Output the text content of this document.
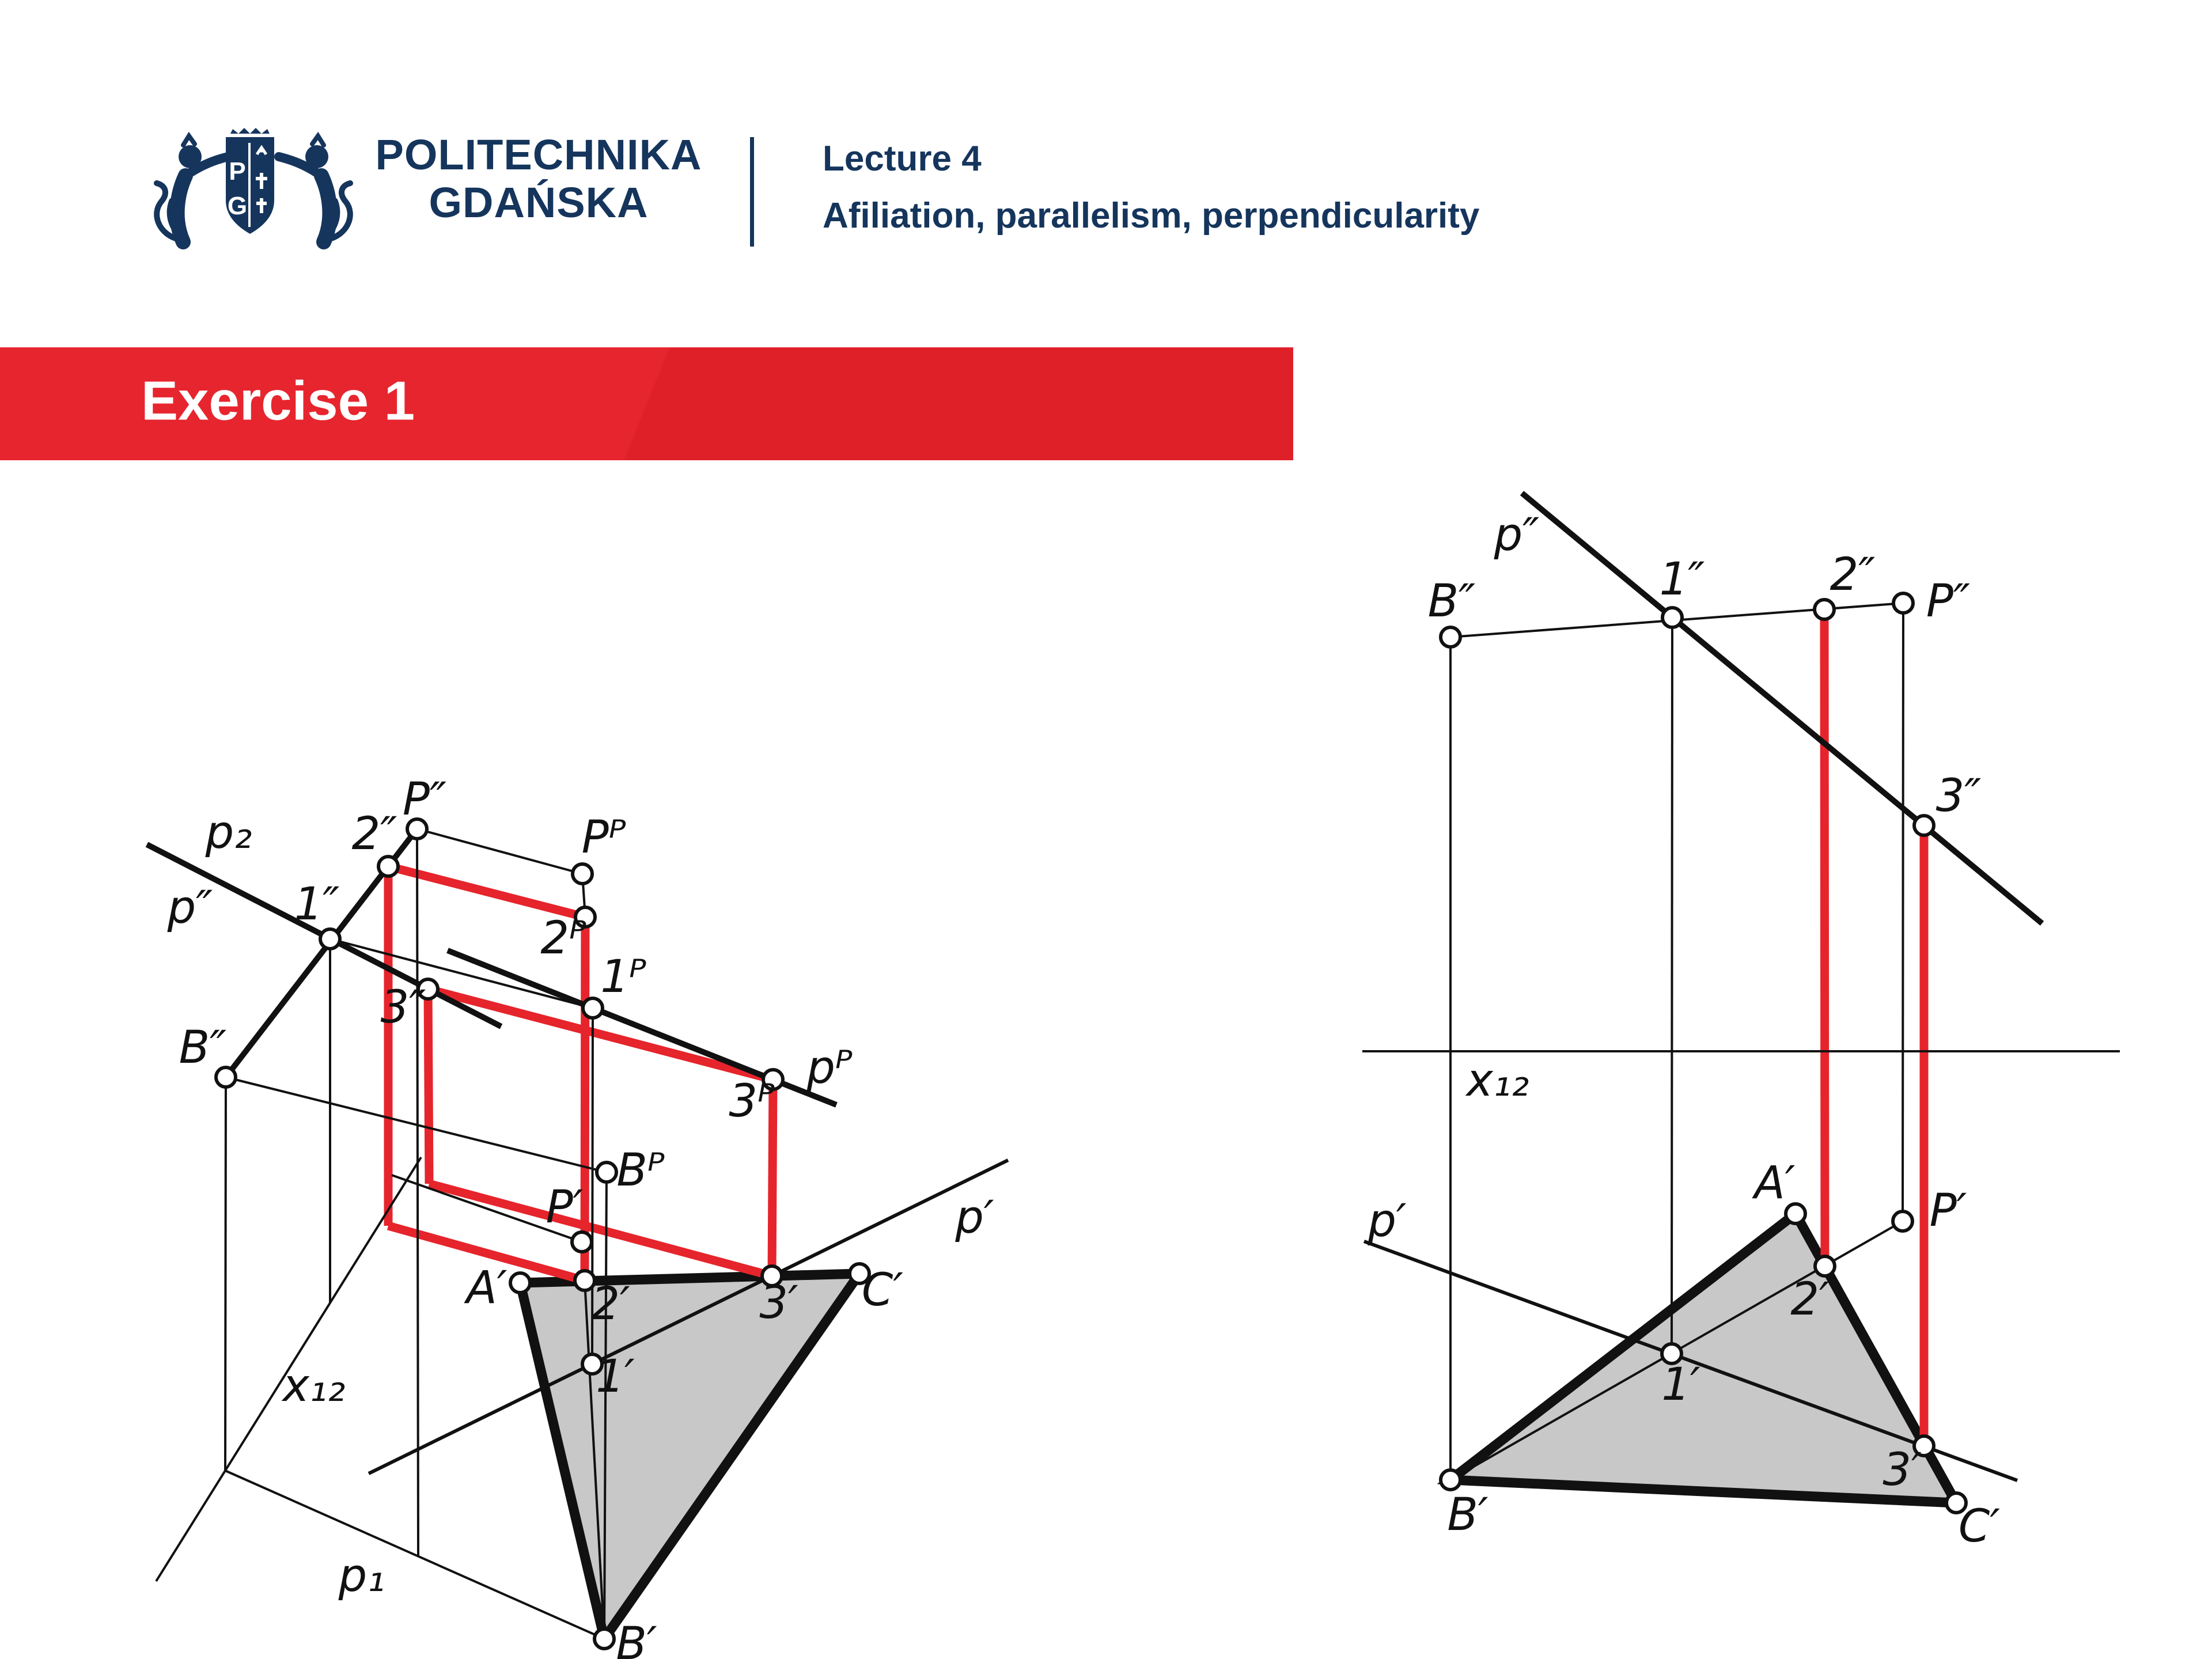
P
G
POLITECHNIKA
GDAŃSKA
Lecture 4
Afiliation, parallelism, perpendicularity
Exercise 1
p₂
p″
P″
2″
1″
3″
B″
Pᴾ
2ᴾ
1ᴾ
3ᴾ
pᴾ
Bᴾ
P′
A′ 2′
1′
3′ C′
B′
x₁₂
p₁
p′
p″
B″	1″	2″
P″
3″
x₁₂
A′
P′
p′
2′
1′
3′
B′	C′
